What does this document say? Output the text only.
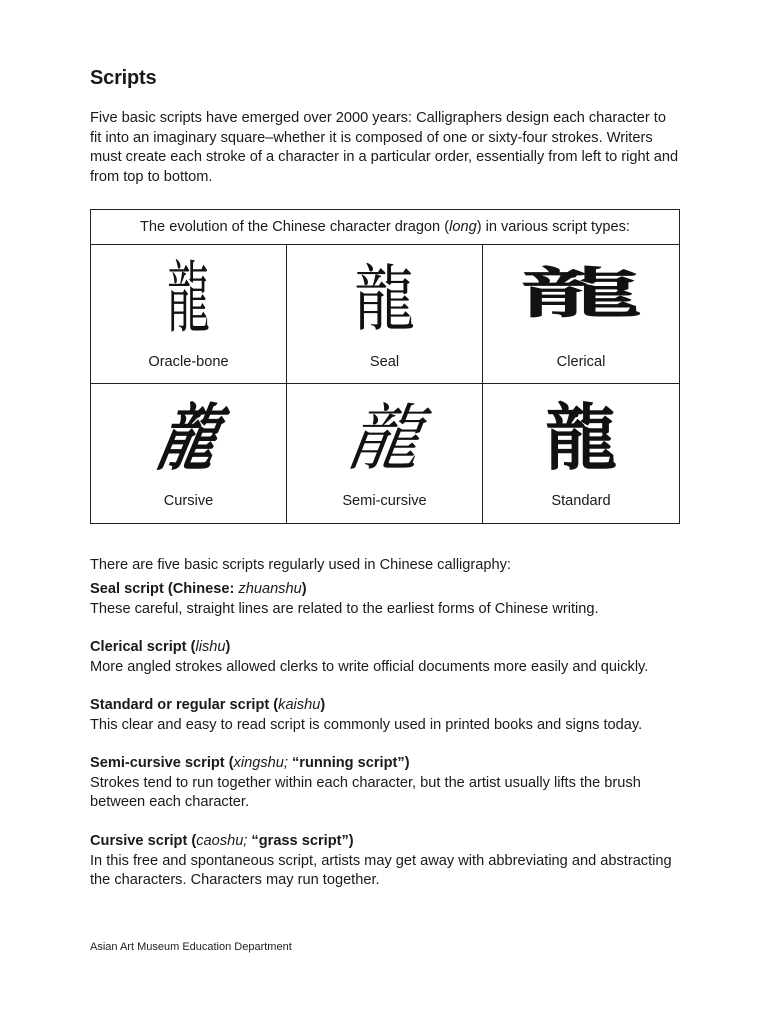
Scripts

Five basic scripts have emerged over 2000 years: Calligraphers design each character to fit into an imaginary square–whether it is composed of one or sixty-four strokes. Writers must create each stroke of a character in a particular order, essentially from left to right and from top to bottom.

The evolution of the Chinese character dragon (long) in various script types:
龍
Oracle-bone
龍
Seal
龍
Clerical
龍
Cursive
龍
Semi-cursive
龍
Standard

There are five basic scripts regularly used in Chinese calligraphy:

Seal script (Chinese: zhuanshu)
These careful, straight lines are related to the earliest forms of Chinese writing.
Clerical script (lishu)
More angled strokes allowed clerks to write official documents more easily and quickly.
Standard or regular script (kaishu)
This clear and easy to read script is commonly used in printed books and signs today.
Semi-cursive script (xingshu; “running script”)
Strokes tend to run together within each character, but the artist usually lifts the brush between each character.
Cursive script (caoshu; “grass script”)
In this free and spontaneous script, artists may get away with abbreviating and abstracting the characters. Characters may run together.
Asian Art Museum Education Department
